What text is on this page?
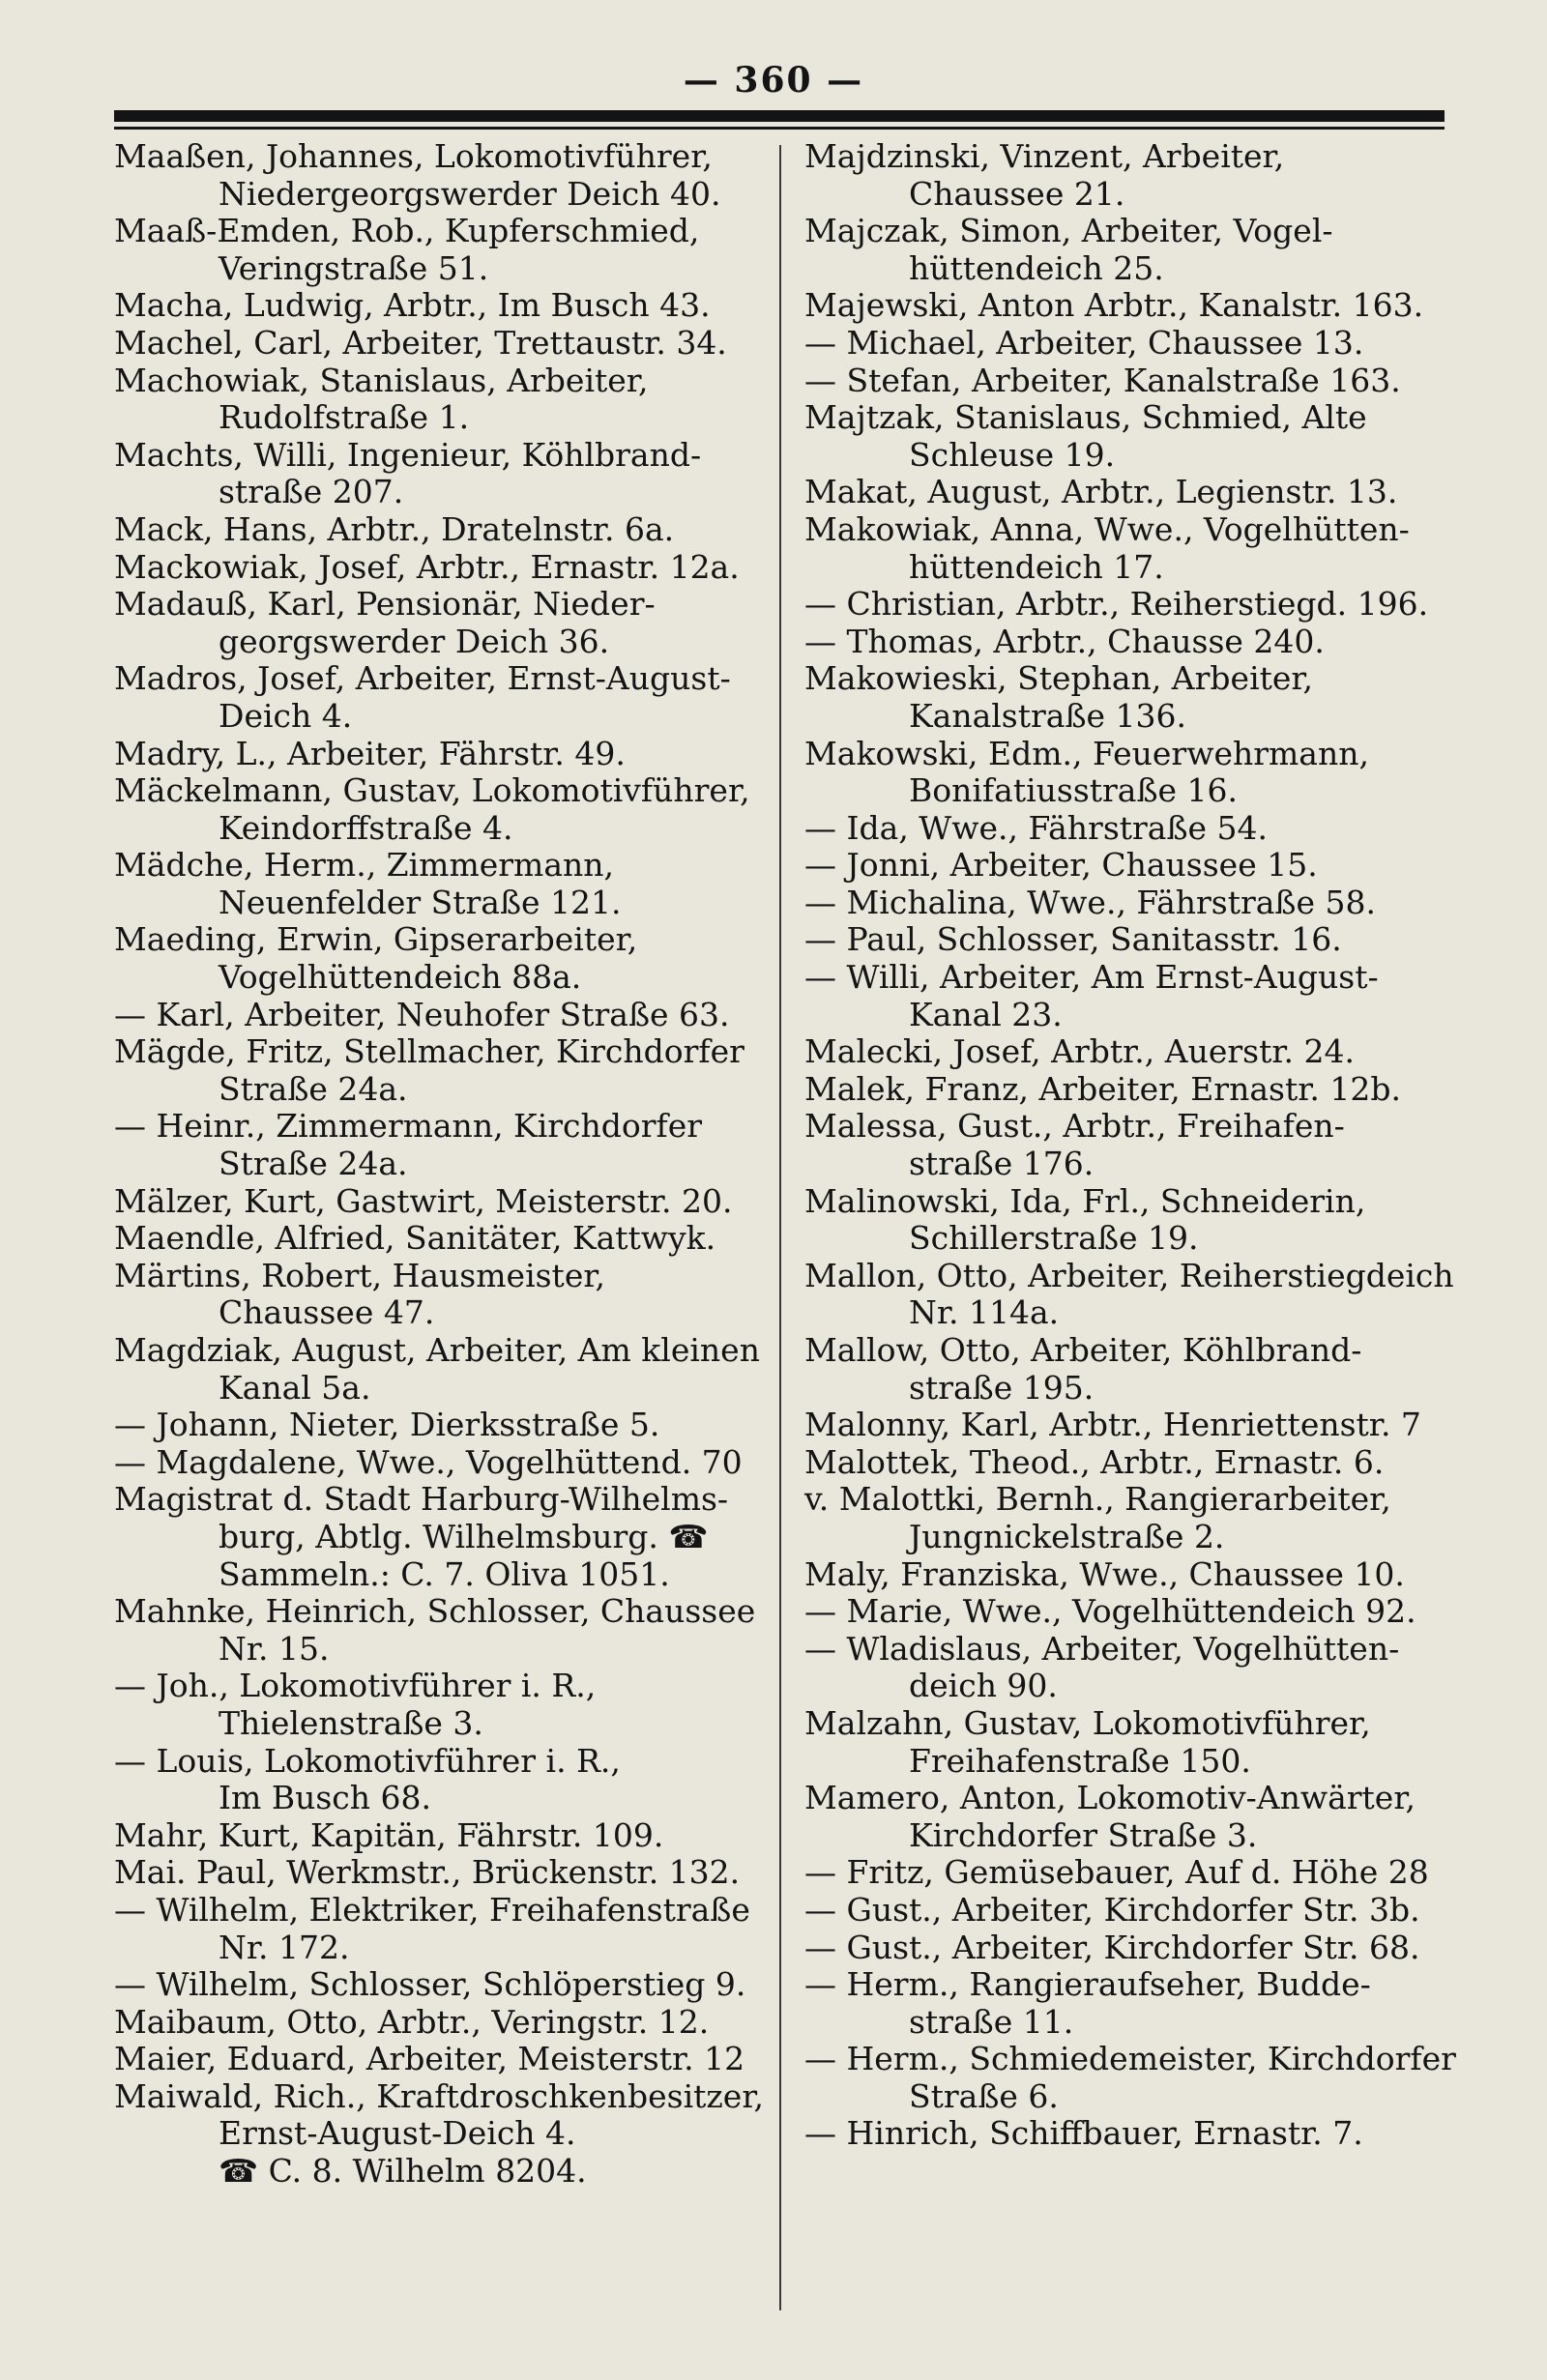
— 360 —
Maaßen, Johannes, Lokomotivführer,
Niedergeorgswerder Deich 40.
Maaß-Emden, Rob., Kupferschmied,
Veringstraße 51.
Macha, Ludwig, Arbtr., Im Busch 43.
Machel, Carl, Arbeiter, Trettaustr. 34.
Machowiak, Stanislaus, Arbeiter,
Rudolfstraße 1.
Machts, Willi, Ingenieur, Köhlbrand-
straße 207.
Mack, Hans, Arbtr., Dratelnstr. 6a.
Mackowiak, Josef, Arbtr., Ernastr. 12a.
Madauß, Karl, Pensionär, Nieder-
georgswerder Deich 36.
Madros, Josef, Arbeiter, Ernst-August-
Deich 4.
Madry, L., Arbeiter, Fährstr. 49.
Mäckelmann, Gustav, Lokomotivführer,
Keindorffstraße 4.
Mädche, Herm., Zimmermann,
Neuenfelder Straße 121.
Maeding, Erwin, Gipserarbeiter,
Vogelhüttendeich 88a.
— Karl, Arbeiter, Neuhofer Straße 63.
Mägde, Fritz, Stellmacher, Kirchdorfer
Straße 24a.
— Heinr., Zimmermann, Kirchdorfer
Straße 24a.
Mälzer, Kurt, Gastwirt, Meisterstr. 20.
Maendle, Alfried, Sanitäter, Kattwyk.
Märtins, Robert, Hausmeister,
Chaussee 47.
Magdziak, August, Arbeiter, Am kleinen
Kanal 5a.
— Johann, Nieter, Dierksstraße 5.
— Magdalene, Wwe., Vogelhüttend. 70
Magistrat d. Stadt Harburg-Wilhelms-
burg, Abtlg. Wilhelmsburg. ☎
Sammeln.: C. 7. Oliva 1051.
Mahnke, Heinrich, Schlosser, Chaussee
Nr. 15.
— Joh., Lokomotivführer i. R.,
Thielenstraße 3.
— Louis, Lokomotivführer i. R.,
Im Busch 68.
Mahr, Kurt, Kapitän, Fährstr. 109.
Mai. Paul, Werkmstr., Brückenstr. 132.
— Wilhelm, Elektriker, Freihafenstraße
Nr. 172.
— Wilhelm, Schlosser, Schlöperstieg 9.
Maibaum, Otto, Arbtr., Veringstr. 12.
Maier, Eduard, Arbeiter, Meisterstr. 12
Maiwald, Rich., Kraftdroschkenbesitzer,
Ernst-August-Deich 4.
☎ C. 8. Wilhelm 8204.
Majdzinski, Vinzent, Arbeiter,
Chaussee 21.
Majczak, Simon, Arbeiter, Vogel-
hüttendeich 25.
Majewski, Anton Arbtr., Kanalstr. 163.
— Michael, Arbeiter, Chaussee 13.
— Stefan, Arbeiter, Kanalstraße 163.
Majtzak, Stanislaus, Schmied, Alte
Schleuse 19.
Makat, August, Arbtr., Legienstr. 13.
Makowiak, Anna, Wwe., Vogelhütten-
hüttendeich 17.
— Christian, Arbtr., Reiherstiegd. 196.
— Thomas, Arbtr., Chausse 240.
Makowieski, Stephan, Arbeiter,
Kanalstraße 136.
Makowski, Edm., Feuerwehrmann,
Bonifatiusstraße 16.
— Ida, Wwe., Fährstraße 54.
— Jonni, Arbeiter, Chaussee 15.
— Michalina, Wwe., Fährstraße 58.
— Paul, Schlosser, Sanitasstr. 16.
— Willi, Arbeiter, Am Ernst-August-
Kanal 23.
Malecki, Josef, Arbtr., Auerstr. 24.
Malek, Franz, Arbeiter, Ernastr. 12b.
Malessa, Gust., Arbtr., Freihafen-
straße 176.
Malinowski, Ida, Frl., Schneiderin,
Schillerstraße 19.
Mallon, Otto, Arbeiter, Reiherstiegdeich
Nr. 114a.
Mallow, Otto, Arbeiter, Köhlbrand-
straße 195.
Malonny, Karl, Arbtr., Henriettenstr. 7
Malottek, Theod., Arbtr., Ernastr. 6.
v. Malottki, Bernh., Rangierarbeiter,
Jungnickelstraße 2.
Maly, Franziska, Wwe., Chaussee 10.
— Marie, Wwe., Vogelhüttendeich 92.
— Wladislaus, Arbeiter, Vogelhütten-
deich 90.
Malzahn, Gustav, Lokomotivführer,
Freihafenstraße 150.
Mamero, Anton, Lokomotiv-Anwärter,
Kirchdorfer Straße 3.
— Fritz, Gemüsebauer, Auf d. Höhe 28
— Gust., Arbeiter, Kirchdorfer Str. 3b.
— Gust., Arbeiter, Kirchdorfer Str. 68.
— Herm., Rangieraufseher, Budde-
straße 11.
— Herm., Schmiedemeister, Kirchdorfer
Straße 6.
— Hinrich, Schiffbauer, Ernastr. 7.
